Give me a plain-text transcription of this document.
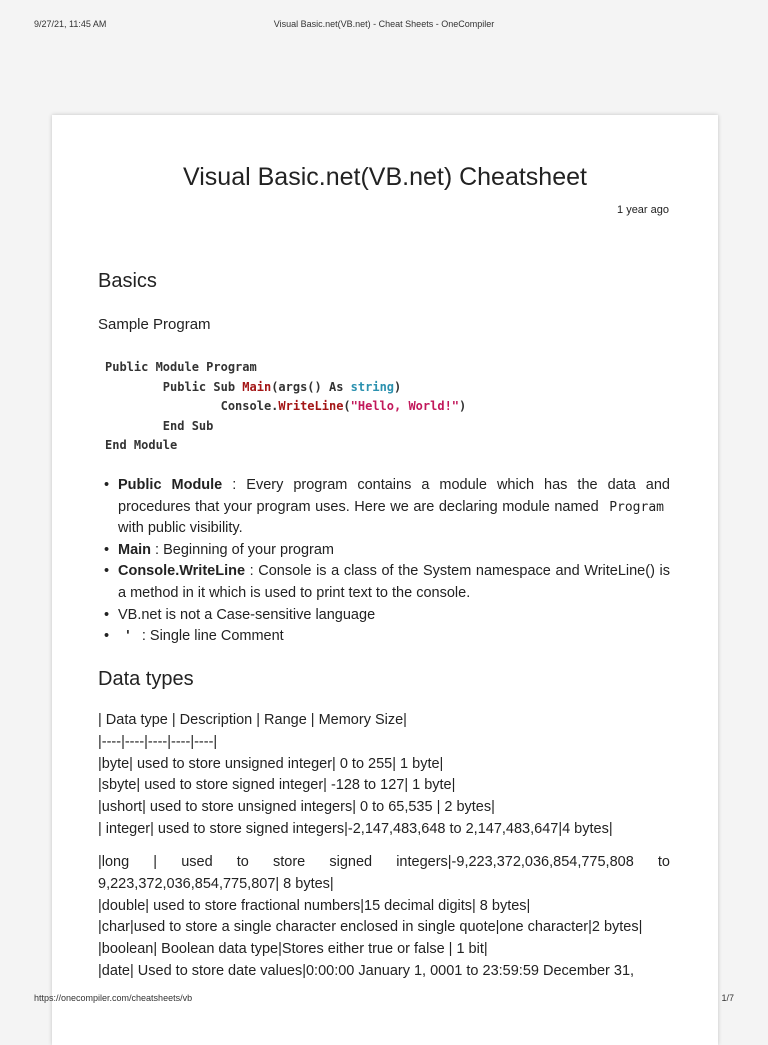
9/27/21, 11:45 AM	Visual Basic.net(VB.net) - Cheat Sheets - OneCompiler
Visual Basic.net(VB.net) Cheatsheet
1 year ago
Basics
Sample Program
Public Module Program
Public Sub Main(args() As string)
Console.WriteLine("Hello, World!")
End Sub
End Module
• Public Module : Every program contains a module which has the data and procedures that your program uses. Here we are declaring module named Program with public visibility.
• Main : Beginning of your program
• Console.WriteLine : Console is a class of the System namespace and WriteLine() is a method in it which is used to print text to the console.
• VB.net is not a Case-sensitive language
• ' : Single line Comment
Data types
| Data type | Description | Range | Memory Size|
|----|----|----|----|----|
|byte| used to store unsigned integer| 0 to 255| 1 byte|
|sbyte| used to store signed integer| -128 to 127| 1 byte|
|ushort| used to store unsigned integers| 0 to 65,535 | 2 bytes|
| integer| used to store signed integers|-2,147,483,648 to 2,147,483,647|4 bytes|
|long | used to store signed integers|-9,223,372,036,854,775,808 to 9,223,372,036,854,775,807| 8 bytes|
|double| used to store fractional numbers|15 decimal digits| 8 bytes|
|char|used to store a single character enclosed in single quote|one character|2 bytes|
|boolean| Boolean data type|Stores either true or false | 1 bit|
|date| Used to store date values|0:00:00 January 1, 0001 to 23:59:59 December 31,
https://onecompiler.com/cheatsheets/vb	1/7
